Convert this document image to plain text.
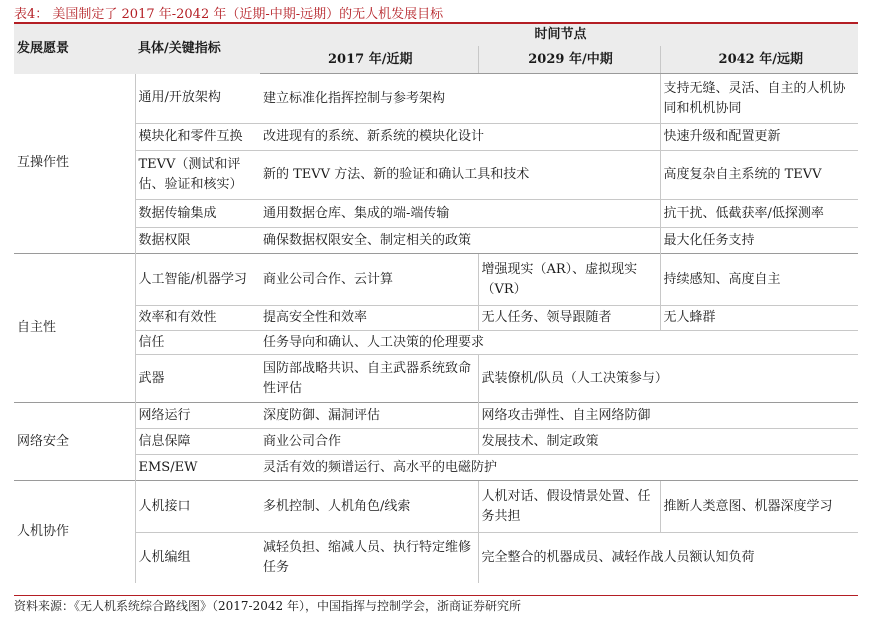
表4： 美国制定了 2017 年-2042 年（近期-中期-远期）的无人机发展目标
发展愿景	具体/关键指标	时间节点		
		2017 年/近期	2029 年/中期	2042 年/远期
互操作性	通用/开放架构	建立标准化指挥控制与参考架构		支持无缝、灵活、自主的人机协同和机机协同
	模块化和零件互换	改进现有的系统、新系统的模块化设计		快速升级和配置更新
	TEVV（测试和评估、验证和核实）	新的 TEVV 方法、新的验证和确认工具和技术		高度复杂自主系统的 TEVV
	数据传输集成	通用数据仓库、集成的端-端传输		抗干扰、低截获率/低探测率
	数据权限	确保数据权限安全、制定相关的政策		最大化任务支持
自主性	人工智能/机器学习	商业公司合作、云计算	增强现实（AR）、虚拟现实（VR）	持续感知、高度自主
	效率和有效性	提高安全性和效率	无人任务、领导跟随者	无人蜂群
	信任	任务导向和确认、人工决策的伦理要求		
	武器	国防部战略共识、自主武器系统致命性评估	武装僚机/队员（人工决策参与）	
网络安全	网络运行	深度防御、漏洞评估	网络攻击弹性、自主网络防御	
	信息保障	商业公司合作	发展技术、制定政策	
	EMS/EW	灵活有效的频谱运行、高水平的电磁防护		
人机协作	人机接口	多机控制、人机角色/线索	人机对话、假设情景处置、任务共担	推断人类意图、机器深度学习
	人机编组	减轻负担、缩减人员、执行特定维修任务	完全整合的机器成员、减轻作战人员额认知负荷	
资料来源：《无人机系统综合路线图》（2017-2042 年），中国指挥与控制学会，浙商证券研究所
